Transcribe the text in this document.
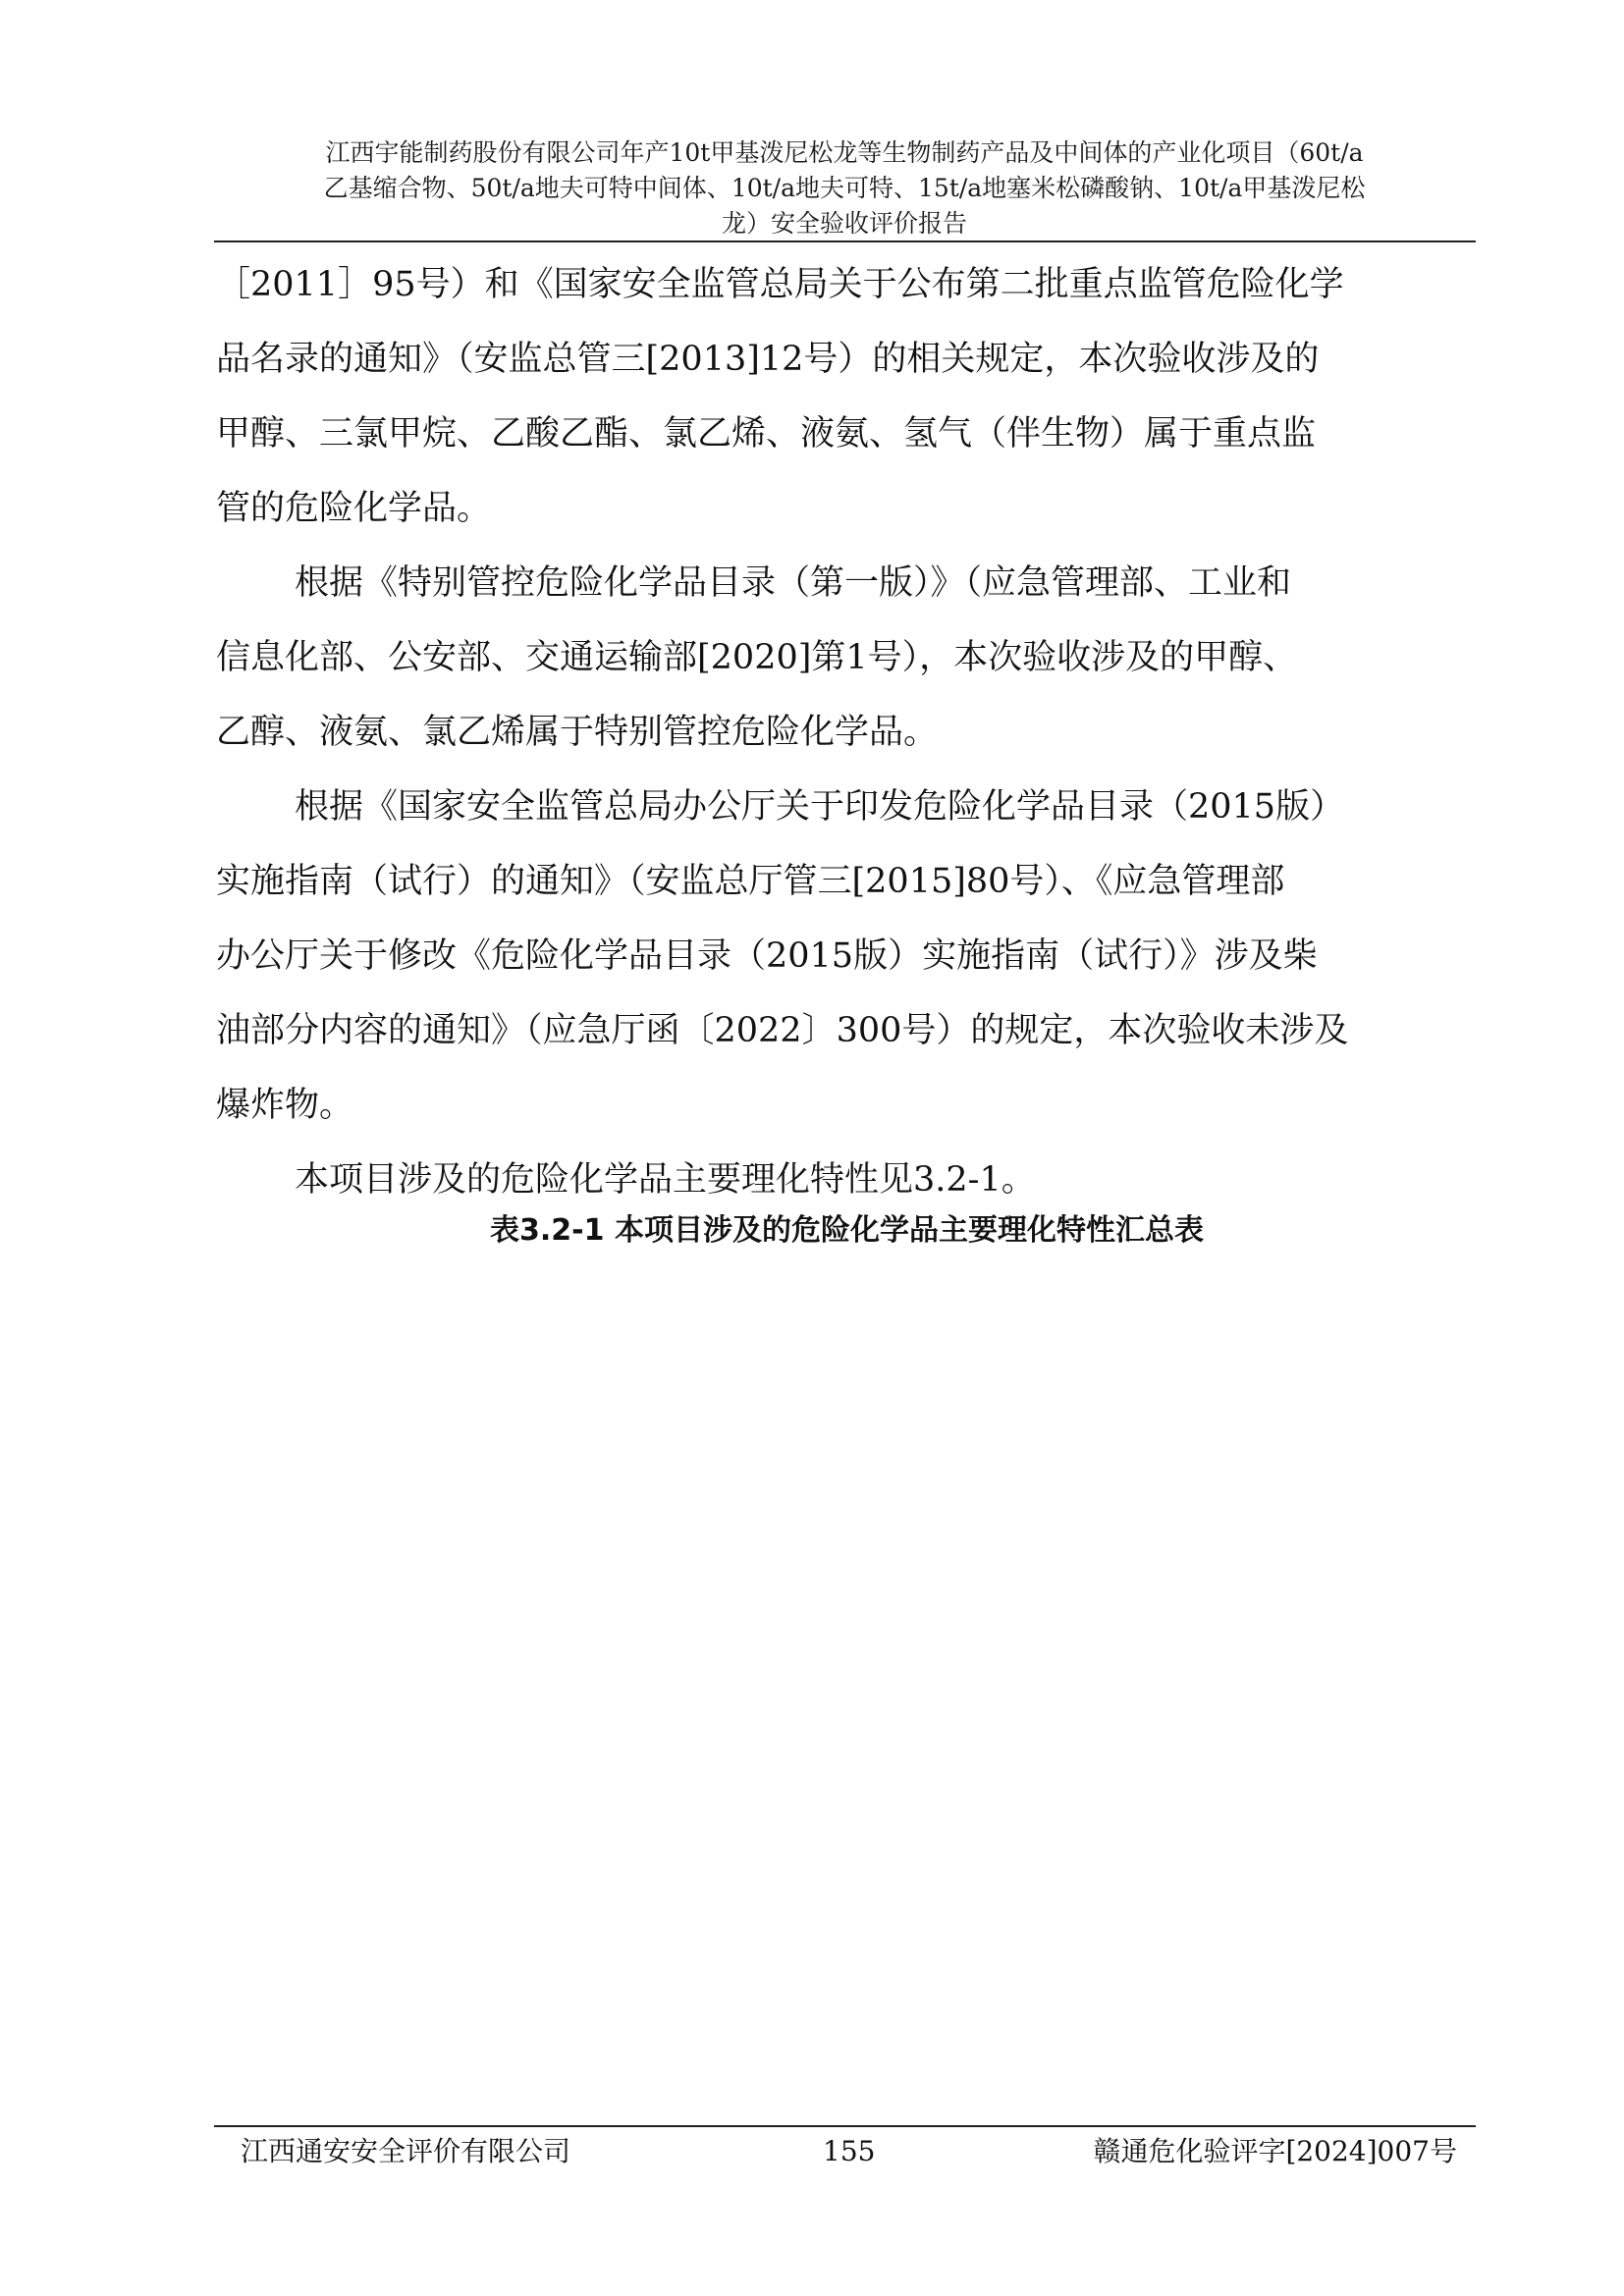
江西宇能制药股份有限公司年产10t甲基泼尼松龙等生物制药产品及中间体的产业化项目（60t/a
乙基缩合物、50t/a地夫可特中间体、10t/a地夫可特、15t/a地塞米松磷酸钠、10t/a甲基泼尼松
龙）安全验收评价报告
［2011］95号）和《国家安全监管总局关于公布第二批重点监管危险化学
品名录的通知》（安监总管三[2013]12号）的相关规定，本次验收涉及的
甲醇、三氯甲烷、乙酸乙酯、氯乙烯、液氨、氢气（伴生物）属于重点监
管的危险化学品。
根据《特别管控危险化学品目录（第一版）》（应急管理部、工业和
信息化部、公安部、交通运输部[2020]第1号），本次验收涉及的甲醇、
乙醇、液氨、氯乙烯属于特别管控危险化学品。
根据《国家安全监管总局办公厅关于印发危险化学品目录（2015版）
实施指南（试行）的通知》（安监总厅管三[2015]80号）、《应急管理部
办公厅关于修改《危险化学品目录（2015版）实施指南（试行）》涉及柴
油部分内容的通知》（应急厅函〔2022〕300号）的规定，本次验收未涉及
爆炸物。
本项目涉及的危险化学品主要理化特性见3.2-1。
表3.2-1 本项目涉及的危险化学品主要理化特性汇总表
江西通安安全评价有限公司	155	赣通危化验评字[2024]007号
